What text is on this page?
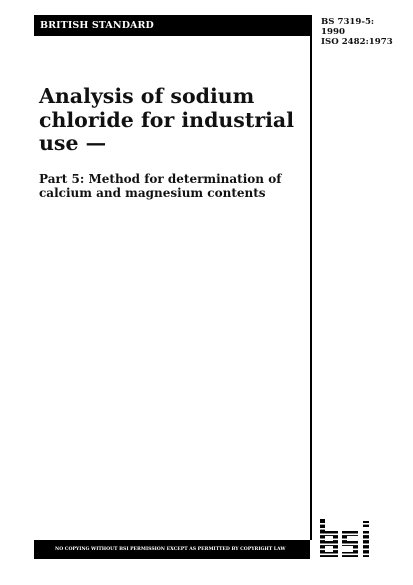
BRITISH STANDARD	BS 7319-5:
1990
ISO 2482:1973
Analysis of sodium chloride for industrial use —
Part 5: Method for determination of calcium and magnesium contents
NO COPYING WITHOUT BSI PERMISSION EXCEPT AS PERMITTED BY COPYRIGHT LAW
